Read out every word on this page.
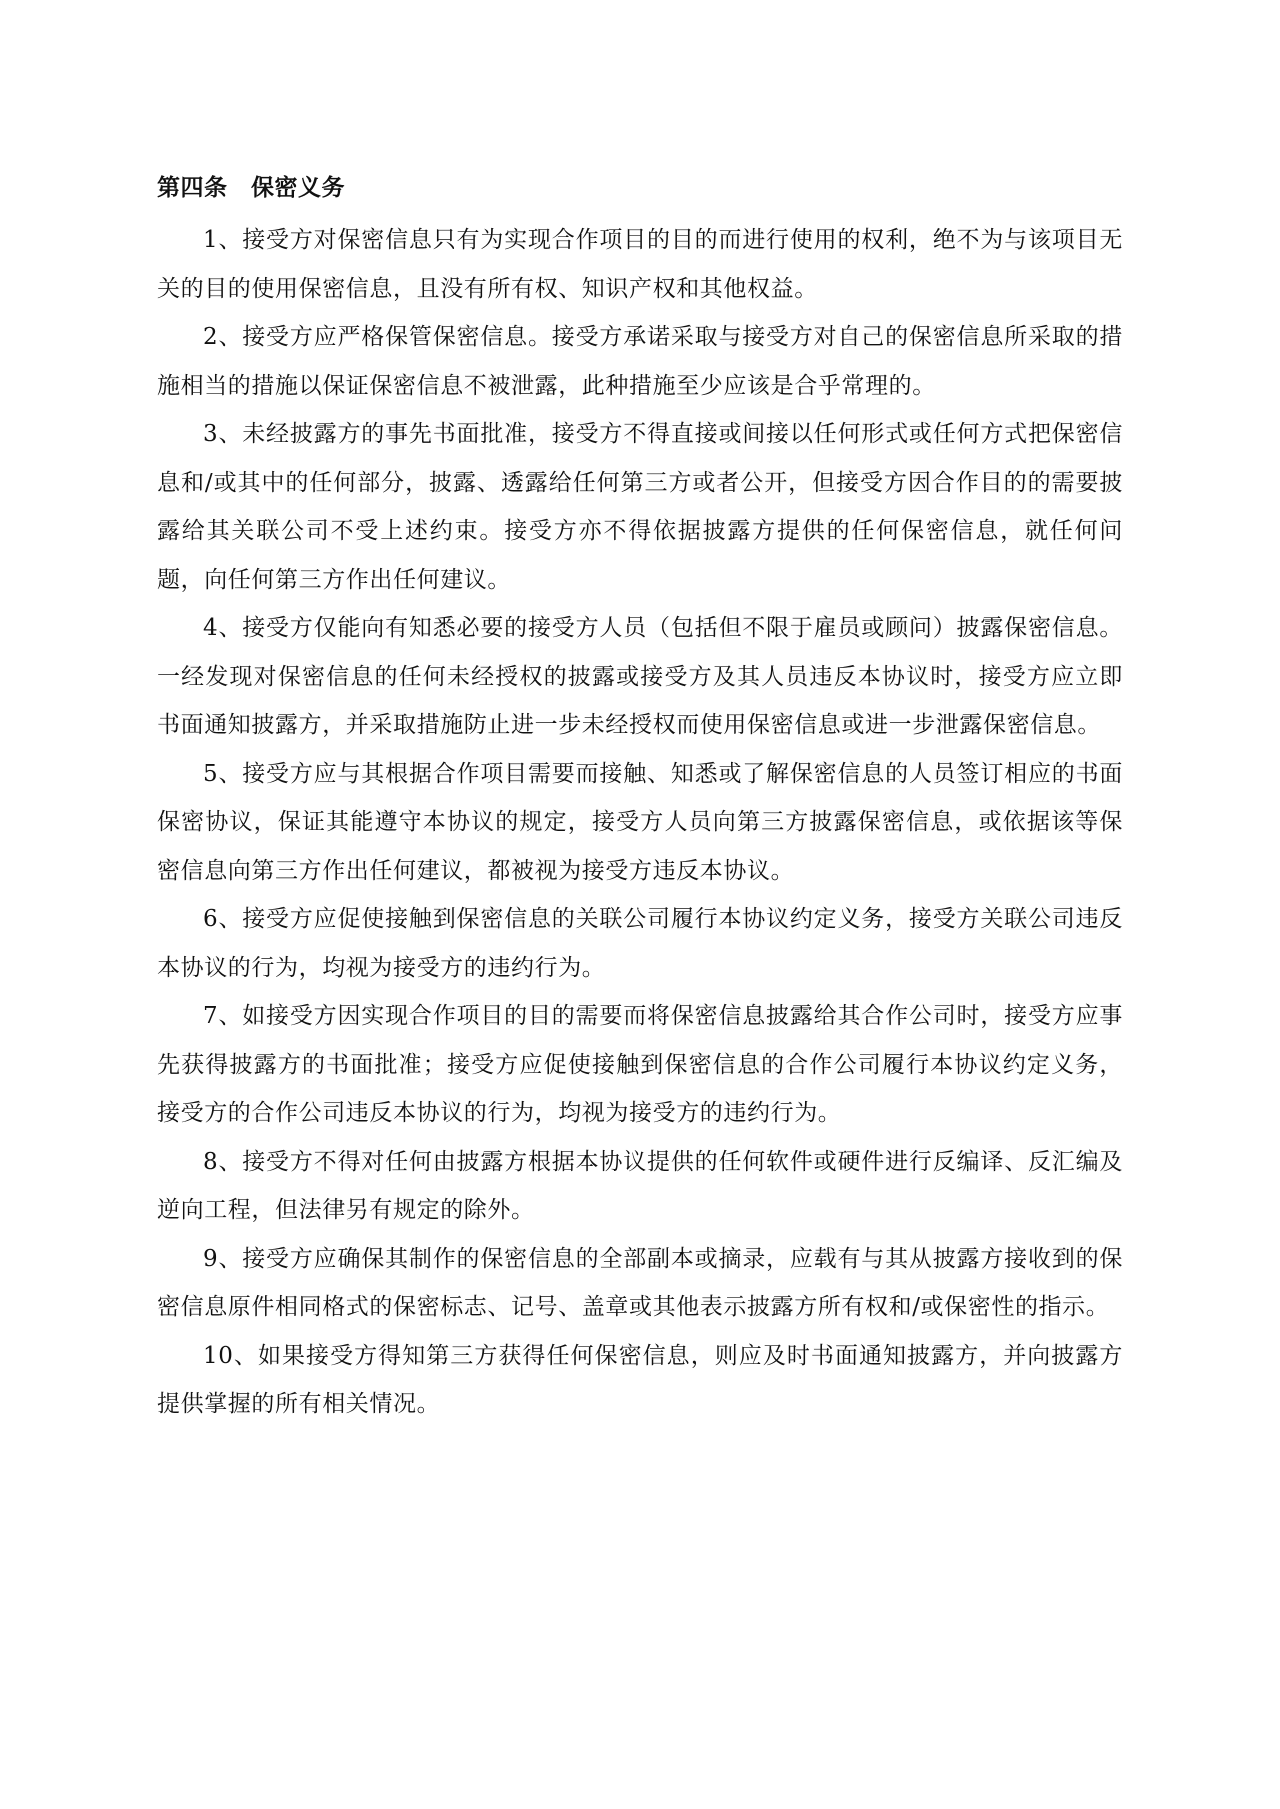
第四条　保密义务

1、接受方对保密信息只有为实现合作项目的目的而进行使用的权利，绝不为与该项目无关的目的使用保密信息，且没有所有权、知识产权和其他权益。

2、接受方应严格保管保密信息。接受方承诺采取与接受方对自己的保密信息所采取的措施相当的措施以保证保密信息不被泄露，此种措施至少应该是合乎常理的。

3、未经披露方的事先书面批准，接受方不得直接或间接以任何形式或任何方式把保密信息和/或其中的任何部分，披露、透露给任何第三方或者公开，但接受方因合作目的的需要披露给其关联公司不受上述约束。接受方亦不得依据披露方提供的任何保密信息，就任何问题，向任何第三方作出任何建议。

4、接受方仅能向有知悉必要的接受方人员（包括但不限于雇员或顾问）披露保密信息。一经发现对保密信息的任何未经授权的披露或接受方及其人员违反本协议时，接受方应立即书面通知披露方，并采取措施防止进一步未经授权而使用保密信息或进一步泄露保密信息。

5、接受方应与其根据合作项目需要而接触、知悉或了解保密信息的人员签订相应的书面保密协议，保证其能遵守本协议的规定，接受方人员向第三方披露保密信息，或依据该等保密信息向第三方作出任何建议，都被视为接受方违反本协议。

6、接受方应促使接触到保密信息的关联公司履行本协议约定义务，接受方关联公司违反本协议的行为，均视为接受方的违约行为。

7、如接受方因实现合作项目的目的需要而将保密信息披露给其合作公司时，接受方应事先获得披露方的书面批准；接受方应促使接触到保密信息的合作公司履行本协议约定义务，接受方的合作公司违反本协议的行为，均视为接受方的违约行为。

8、接受方不得对任何由披露方根据本协议提供的任何软件或硬件进行反编译、反汇编及逆向工程，但法律另有规定的除外。

9、接受方应确保其制作的保密信息的全部副本或摘录，应载有与其从披露方接收到的保密信息原件相同格式的保密标志、记号、盖章或其他表示披露方所有权和/或保密性的指示。

10、如果接受方得知第三方获得任何保密信息，则应及时书面通知披露方，并向披露方提供掌握的所有相关情况。
